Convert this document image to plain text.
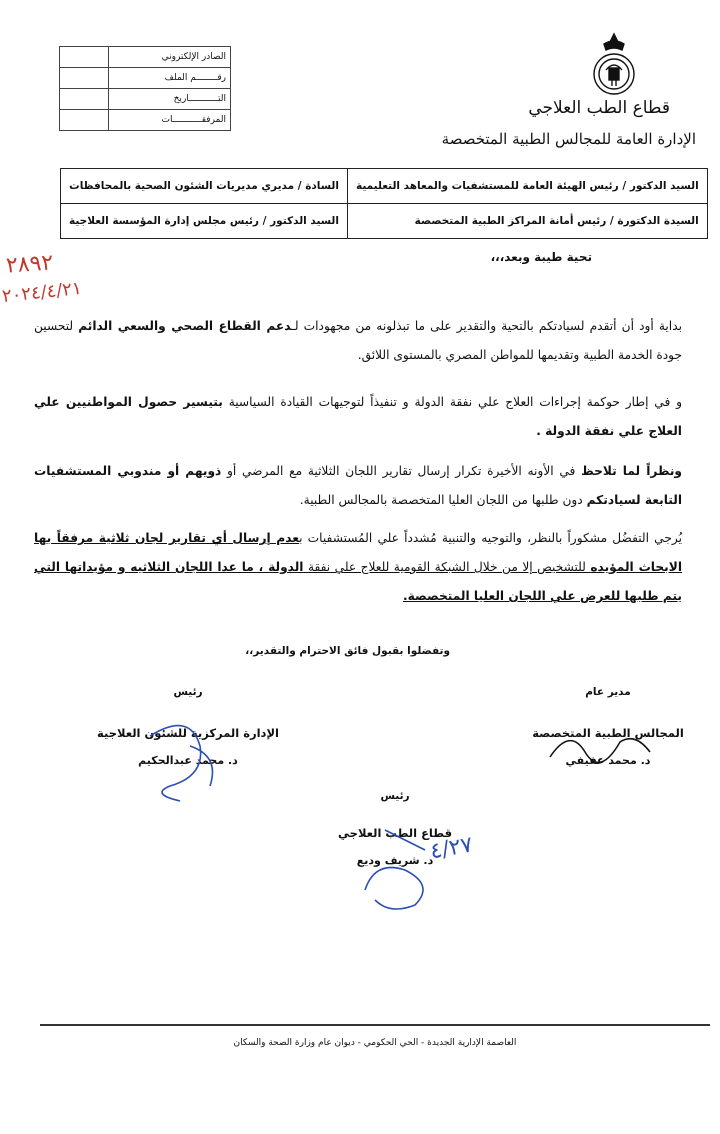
	الصادر الإلكتروني
	رقــــــــم الملف
	التـــــــــــاريخ
	المرفقـــــــــــات
قطاع الطب العلاجي
الإدارة العامة للمجالس الطبية المتخصصة
السيد الدكتور / رئيس الهيئة العامة للمستشفيات والمعاهد التعليمية	السادة / مديري مديريات الشئون الصحية بالمحافظات
السيدة الدكتورة / رئيس أمانة المراكز الطبية المتخصصة	السيد الدكتور / رئيس مجلس إدارة المؤسسة العلاجية
٢٨٩٢
٢٠٢٤/٤/٢١
تحية طيبة وبعد،،،
بداية أود أن أتقدم لسيادتكم بالتحية والتقدير على ما تبذلونه من مجهودات لـدعم القطاع الصحي والسعي الدائم لتحسين جودة الخدمة الطبية وتقديمها للمواطن المصري بالمستوى اللائق.
و في إطار حوكمة إجراءات العلاج علي نفقة الدولة و تنفيذاً لتوجيهات القيادة السياسية بتيسير حصول المواطنيين علي العلاج علي نفقة الدولة .
ونظراً لما تلاحظ في الأونه الأخيرة تكرار إرسال تقارير اللجان الثلاثية مع المرضي أو ذويهم أو مندوبي المستشفيات التابعة لسيادتكم دون طلبها من اللجان العليا المتخصصة بالمجالس الطبية.
يُرجي التفضُل مشكوراً بالنظر، والتوجيه والتنبية مُشدداً علي المُستشفيات بعدم إرسال أي تقارير لجان ثلاثية مرفقاً بها الابحاث المؤيده للتشخيص إلا من خلال الشبكة القومية للعلاج علي نفقة الدولة ، ما عدا اللجان الثلاثيه و مؤيداتها التي يتم طلبها للعرض علي اللجان العليا المتخصصة.
وتفضلوا بقبول فائق الاحترام والتقدير،،
مدير عام
المجالس الطبية المتخصصة
د. محمد عفيفي
رئيس
الإدارة المركزية للشئون العلاجية
د. محمد عبدالحكيم
رئيس
قطاع الطب العلاجي
د. شريف وديع
٤/٢٧
العاصمة الإدارية الجديدة - الحي الحكومي - ديوان عام وزارة الصحة والسكان
